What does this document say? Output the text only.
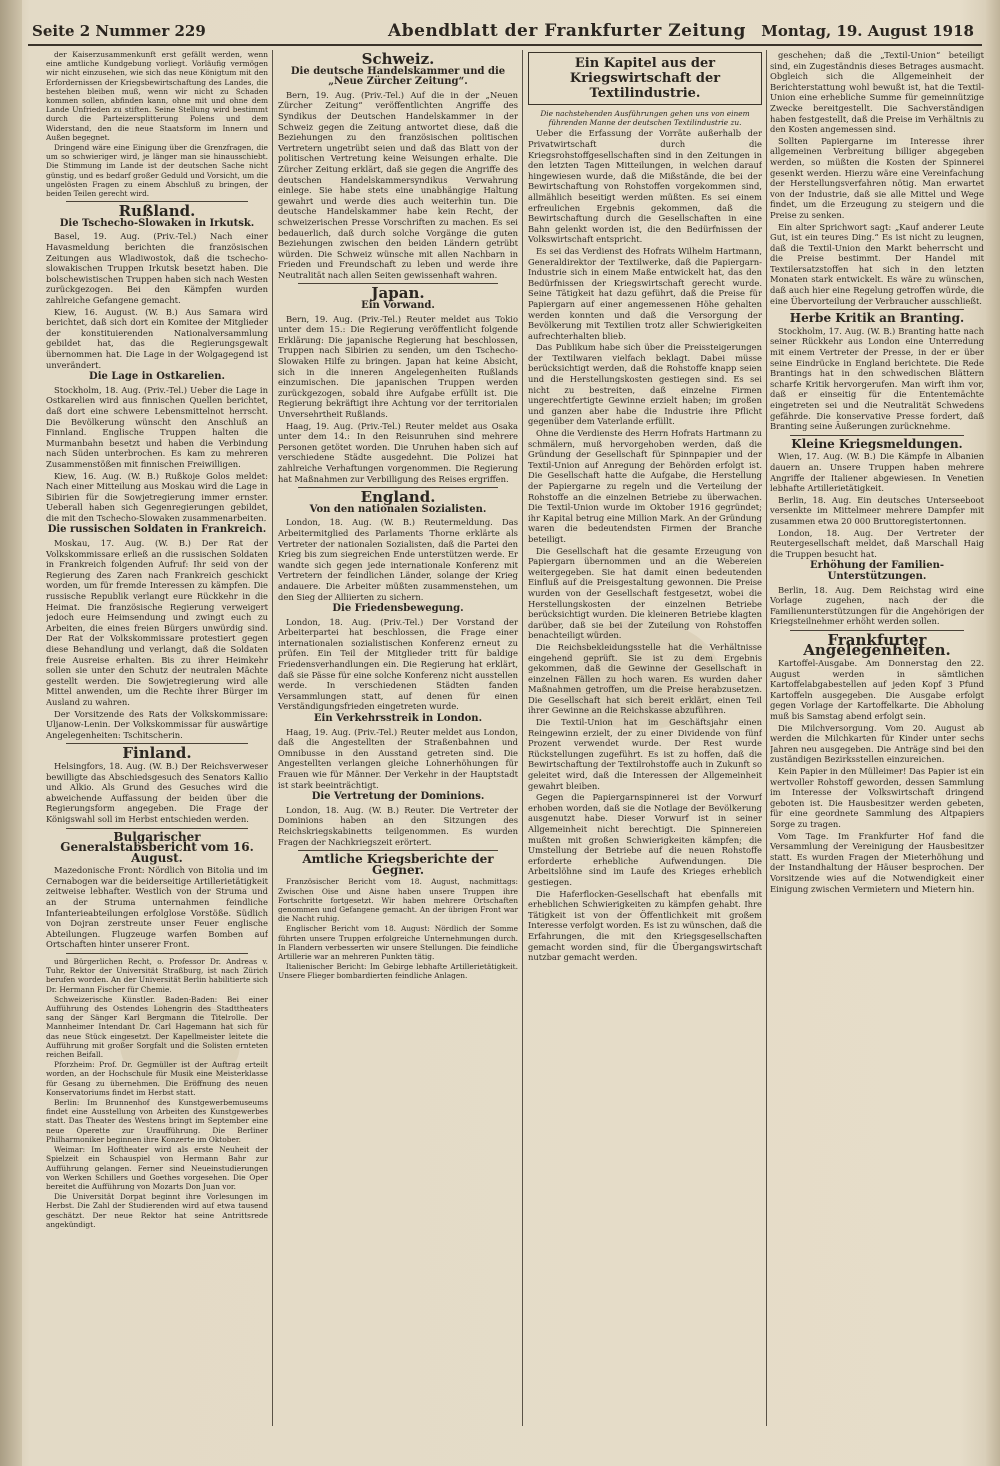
Seite 2 Nummer 229	Abendblatt der Frankfurter Zeitung Montag, 19. August 1918

der Kaiserzusammenkunft erst gefällt werden, wenn eine amtliche Kundgebung vorliegt. Vorläufig vermögen wir nicht einzusehen, wie sich das neue Königtum mit den Erfordernissen der Kriegsbewirtschaftung des Landes, die bestehen bleiben muß, wenn wir nicht zu Schaden kommen sollen, abfinden kann, ohne mit und ohne dem Lande Unfrieden zu stiften. Seine Stellung wird bestimmt durch die Parteizersplitterung Polens und dem Widerstand, den die neue Staatsform im Innern und Außen begegnet.

Dringend wäre eine Einigung über die Grenzfragen, die um so schwieriger wird, je länger man sie hinausschiebt. Die Stimmung im Lande ist der deutschen Sache nicht günstig, und es bedarf großer Geduld und Vorsicht, um die ungelösten Fragen zu einem Abschluß zu bringen, der beiden Teilen gerecht wird.

Rußland.
Die Tschecho-Slowaken in Irkutsk.

Basel, 19. Aug. (Priv.-Tel.) Nach einer Havasmeldung berichten die französischen Zeitungen aus Wladiwostok, daß die tschecho-slowakischen Truppen Irkutsk besetzt haben. Die bolschewistischen Truppen haben sich nach Westen zurückgezogen. Bei den Kämpfen wurden zahlreiche Gefangene gemacht.

Kiew, 16. August. (W. B.) Aus Samara wird berichtet, daß sich dort ein Komitee der Mitglieder der konstituierenden Nationalversammlung gebildet hat, das die Regierungsgewalt übernommen hat. Die Lage in der Wolgagegend ist unverändert.

Die Lage in Ostkarelien.

Stockholm, 18. Aug. (Priv.-Tel.) Ueber die Lage in Ostkarelien wird aus finnischen Quellen berichtet, daß dort eine schwere Lebensmittelnot herrscht. Die Bevölkerung wünscht den Anschluß an Finnland. Englische Truppen halten die Murmanbahn besetzt und haben die Verbindung nach Süden unterbrochen. Es kam zu mehreren Zusammenstößen mit finnischen Freiwilligen.

Kiew, 16. Aug. (W. B.) Rußkoje Golos meldet: Nach einer Mitteilung aus Moskau wird die Lage in Sibirien für die Sowjetregierung immer ernster. Ueberall haben sich Gegenregierungen gebildet, die mit den Tschecho-Slowaken zusammenarbeiten.

Die russischen Soldaten in Frankreich.

Moskau, 17. Aug. (W. B.) Der Rat der Volkskommissare erließ an die russischen Soldaten in Frankreich folgenden Aufruf: Ihr seid von der Regierung des Zaren nach Frankreich geschickt worden, um für fremde Interessen zu kämpfen. Die russische Republik verlangt eure Rückkehr in die Heimat. Die französische Regierung verweigert jedoch eure Heimsendung und zwingt euch zu Arbeiten, die eines freien Bürgers unwürdig sind. Der Rat der Volkskommissare protestiert gegen diese Behandlung und verlangt, daß die Soldaten freie Ausreise erhalten. Bis zu ihrer Heimkehr sollen sie unter den Schutz der neutralen Mächte gestellt werden. Die Sowjetregierung wird alle Mittel anwenden, um die Rechte ihrer Bürger im Ausland zu wahren.

Der Vorsitzende des Rats der Volkskommissare: Uljanow-Lenin. Der Volkskommissar für auswärtige Angelegenheiten: Tschitscherin.

Finland.

Helsingfors, 18. Aug. (W. B.) Der Reichsverweser bewilligte das Abschiedsgesuch des Senators Kallio und Alkio. Als Grund des Gesuches wird die abweichende Auffassung der beiden über die Regierungsform angegeben. Die Frage der Königswahl soll im Herbst entschieden werden.

Bulgarischer Generalstabsbericht vom 16. August.

Mazedonische Front: Nördlich von Bitolia und im Cernabogen war die beiderseitige Artillerietätigkeit zeitweise lebhafter. Westlich von der Struma und an der Struma unternahmen feindliche Infanterieabteilungen erfolglose Vorstöße. Südlich von Dojran zerstreute unser Feuer englische Abteilungen. Flugzeuge warfen Bomben auf Ortschaften hinter unserer Front.

und Bürgerlichen Recht, o. Professor Dr. Andreas v. Tuhr, Rektor der Universität Straßburg, ist nach Zürich berufen worden. An der Universität Berlin habilitierte sich Dr. Hermann Fischer für Chemie.

Schweizerische Künstler. Baden-Baden: Bei einer Aufführung des Ostendes Lohengrin des Stadttheaters sang der Sänger Karl Bergmann die Titelrolle. Der Mannheimer Intendant Dr. Carl Hagemann hat sich für das neue Stück eingesetzt. Der Kapellmeister leitete die Aufführung mit großer Sorgfalt und die Solisten ernteten reichen Beifall.

Pforzheim: Prof. Dr. Gegmüller ist der Auftrag erteilt worden, an der Hochschule für Musik eine Meisterklasse für Gesang zu übernehmen. Die Eröffnung des neuen Konservatoriums findet im Herbst statt.

Berlin: Im Brunnenhof des Kunstgewerbemuseums findet eine Ausstellung von Arbeiten des Kunstgewerbes statt. Das Theater des Westens bringt im September eine neue Operette zur Uraufführung. Die Berliner Philharmoniker beginnen ihre Konzerte im Oktober.

Weimar: Im Hoftheater wird als erste Neuheit der Spielzeit ein Schauspiel von Hermann Bahr zur Aufführung gelangen. Ferner sind Neueinstudierungen von Werken Schillers und Goethes vorgesehen. Die Oper bereitet die Aufführung von Mozarts Don Juan vor.

Die Universität Dorpat beginnt ihre Vorlesungen im Herbst. Die Zahl der Studierenden wird auf etwa tausend geschätzt. Der neue Rektor hat seine Antrittsrede angekündigt.

Schweiz.
Die deutsche Handelskammer und die „Neue Zürcher Zeitung“.

Bern, 19. Aug. (Priv.-Tel.) Auf die in der „Neuen Zürcher Zeitung“ veröffentlichten Angriffe des Syndikus der Deutschen Handelskammer in der Schweiz gegen die Zeitung antwortet diese, daß die Beziehungen zu den französischen politischen Vertretern ungetrübt seien und daß das Blatt von der politischen Vertretung keine Weisungen erhalte. Die Zürcher Zeitung erklärt, daß sie gegen die Angriffe des deutschen Handelskammersyndikus Verwahrung einlege. Sie habe stets eine unabhängige Haltung gewahrt und werde dies auch weiterhin tun. Die deutsche Handelskammer habe kein Recht, der schweizerischen Presse Vorschriften zu machen. Es sei bedauerlich, daß durch solche Vorgänge die guten Beziehungen zwischen den beiden Ländern getrübt würden. Die Schweiz wünsche mit allen Nachbarn in Frieden und Freundschaft zu leben und werde ihre Neutralität nach allen Seiten gewissenhaft wahren.

Japan.
Ein Vorwand.

Bern, 19. Aug. (Priv.-Tel.) Reuter meldet aus Tokio unter dem 15.: Die Regierung veröffentlicht folgende Erklärung: Die japanische Regierung hat beschlossen, Truppen nach Sibirien zu senden, um den Tschecho-Slowaken Hilfe zu bringen. Japan hat keine Absicht, sich in die inneren Angelegenheiten Rußlands einzumischen. Die japanischen Truppen werden zurückgezogen, sobald ihre Aufgabe erfüllt ist. Die Regierung bekräftigt ihre Achtung vor der territorialen Unversehrtheit Rußlands.

Haag, 19. Aug. (Priv.-Tel.) Reuter meldet aus Osaka unter dem 14.: In den Reisunruhen sind mehrere Personen getötet worden. Die Unruhen haben sich auf verschiedene Städte ausgedehnt. Die Polizei hat zahlreiche Verhaftungen vorgenommen. Die Regierung hat Maßnahmen zur Verbilligung des Reises ergriffen.

England.
Von den nationalen Sozialisten.

London, 18. Aug. (W. B.) Reutermeldung. Das Arbeitermitglied des Parlaments Thorne erklärte als Vertreter der nationalen Sozialisten, daß die Partei den Krieg bis zum siegreichen Ende unterstützen werde. Er wandte sich gegen jede internationale Konferenz mit Vertretern der feindlichen Länder, solange der Krieg andauere. Die Arbeiter müßten zusammenstehen, um den Sieg der Alliierten zu sichern.

Die Friedensbewegung.

London, 18. Aug. (Priv.-Tel.) Der Vorstand der Arbeiterpartei hat beschlossen, die Frage einer internationalen sozialistischen Konferenz erneut zu prüfen. Ein Teil der Mitglieder tritt für baldige Friedensverhandlungen ein. Die Regierung hat erklärt, daß sie Pässe für eine solche Konferenz nicht ausstellen werde. In verschiedenen Städten fanden Versammlungen statt, auf denen für einen Verständigungsfrieden eingetreten wurde.

Ein Verkehrsstreik in London.

Haag, 19. Aug. (Priv.-Tel.) Reuter meldet aus London, daß die Angestellten der Straßenbahnen und Omnibusse in den Ausstand getreten sind. Die Angestellten verlangen gleiche Lohnerhöhungen für Frauen wie für Männer. Der Verkehr in der Hauptstadt ist stark beeinträchtigt.

Die Vertretung der Dominions.

London, 18. Aug. (W. B.) Reuter. Die Vertreter der Dominions haben an den Sitzungen des Reichskriegskabinetts teilgenommen. Es wurden Fragen der Nachkriegszeit erörtert.

Amtliche Kriegsberichte der Gegner.

Französischer Bericht vom 18. August, nachmittags: Zwischen Oise und Aisne haben unsere Truppen ihre Fortschritte fortgesetzt. Wir haben mehrere Ortschaften genommen und Gefangene gemacht. An der übrigen Front war die Nacht ruhig.

Englischer Bericht vom 18. August: Nördlich der Somme führten unsere Truppen erfolgreiche Unternehmungen durch. In Flandern verbesserten wir unsere Stellungen. Die feindliche Artillerie war an mehreren Punkten tätig.

Italienischer Bericht: Im Gebirge lebhafte Artillerietätigkeit. Unsere Flieger bombardierten feindliche Anlagen.

Ein Kapitel aus der Kriegswirtschaft der Textilindustrie.

Die nachstehenden Ausführungen gehen uns von einem führenden Manne der deutschen Textilindustrie zu.

Ueber die Erfassung der Vorräte außerhalb der Privatwirtschaft durch die Kriegsrohstoffgesellschaften sind in den Zeitungen in den letzten Tagen Mitteilungen, in welchen darauf hingewiesen wurde, daß die Mißstände, die bei der Bewirtschaftung von Rohstoffen vorgekommen sind, allmählich beseitigt werden müßten. Es sei einem erfreulichen Ergebnis gekommen, daß die Bewirtschaftung durch die Gesellschaften in eine Bahn gelenkt worden ist, die den Bedürfnissen der Volkswirtschaft entspricht.

Es sei das Verdienst des Hofrats Wilhelm Hartmann, Generaldirektor der Textilwerke, daß die Papiergarn-Industrie sich in einem Maße entwickelt hat, das den Bedürfnissen der Kriegswirtschaft gerecht wurde. Seine Tätigkeit hat dazu geführt, daß die Preise für Papiergarn auf einer angemessenen Höhe gehalten werden konnten und daß die Versorgung der Bevölkerung mit Textilien trotz aller Schwierigkeiten aufrechterhalten blieb.

Das Publikum habe sich über die Preissteigerungen der Textilwaren vielfach beklagt. Dabei müsse berücksichtigt werden, daß die Rohstoffe knapp seien und die Herstellungskosten gestiegen sind. Es sei nicht zu bestreiten, daß einzelne Firmen ungerechtfertigte Gewinne erzielt haben; im großen und ganzen aber habe die Industrie ihre Pflicht gegenüber dem Vaterlande erfüllt.

Ohne die Verdienste des Herrn Hofrats Hartmann zu schmälern, muß hervorgehoben werden, daß die Gründung der Gesellschaft für Spinnpapier und der Textil-Union auf Anregung der Behörden erfolgt ist. Die Gesellschaft hatte die Aufgabe, die Herstellung der Papiergarne zu regeln und die Verteilung der Rohstoffe an die einzelnen Betriebe zu überwachen. Die Textil-Union wurde im Oktober 1916 gegründet; ihr Kapital betrug eine Million Mark. An der Gründung waren die bedeutendsten Firmen der Branche beteiligt.

Die Gesellschaft hat die gesamte Erzeugung von Papiergarn übernommen und an die Webereien weitergegeben. Sie hat damit einen bedeutenden Einfluß auf die Preisgestaltung gewonnen. Die Preise wurden von der Gesellschaft festgesetzt, wobei die Herstellungskosten der einzelnen Betriebe berücksichtigt wurden. Die kleineren Betriebe klagten darüber, daß sie bei der Zuteilung von Rohstoffen benachteiligt würden.

Die Reichsbekleidungsstelle hat die Verhältnisse eingehend geprüft. Sie ist zu dem Ergebnis gekommen, daß die Gewinne der Gesellschaft in einzelnen Fällen zu hoch waren. Es wurden daher Maßnahmen getroffen, um die Preise herabzusetzen. Die Gesellschaft hat sich bereit erklärt, einen Teil ihrer Gewinne an die Reichskasse abzuführen.

Die Textil-Union hat im Geschäftsjahr einen Reingewinn erzielt, der zu einer Dividende von fünf Prozent verwendet wurde. Der Rest wurde Rückstellungen zugeführt. Es ist zu hoffen, daß die Bewirtschaftung der Textilrohstoffe auch in Zukunft so geleitet wird, daß die Interessen der Allgemeinheit gewahrt bleiben.

Gegen die Papiergarnspinnerei ist der Vorwurf erhoben worden, daß sie die Notlage der Bevölkerung ausgenutzt habe. Dieser Vorwurf ist in seiner Allgemeinheit nicht berechtigt. Die Spinnereien mußten mit großen Schwierigkeiten kämpfen; die Umstellung der Betriebe auf die neuen Rohstoffe erforderte erhebliche Aufwendungen. Die Arbeitslöhne sind im Laufe des Krieges erheblich gestiegen.

Die Haferflocken-Gesellschaft hat ebenfalls mit erheblichen Schwierigkeiten zu kämpfen gehabt. Ihre Tätigkeit ist von der Öffentlichkeit mit großem Interesse verfolgt worden. Es ist zu wünschen, daß die Erfahrungen, die mit den Kriegsgesellschaften gemacht worden sind, für die Übergangswirtschaft nutzbar gemacht werden.

geschehen; daß die „Textil-Union“ beteiligt sind, ein Zugeständnis dieses Betrages ausmacht. Obgleich sich die Allgemeinheit der Berichterstattung wohl bewußt ist, hat die Textil-Union eine erhebliche Summe für gemeinnützige Zwecke bereitgestellt. Die Sachverständigen haben festgestellt, daß die Preise im Verhältnis zu den Kosten angemessen sind.

Sollten Papiergarne im Interesse ihrer allgemeinen Verbreitung billiger abgegeben werden, so müßten die Kosten der Spinnerei gesenkt werden. Hierzu wäre eine Vereinfachung der Herstellungsverfahren nötig. Man erwartet von der Industrie, daß sie alle Mittel und Wege findet, um die Erzeugung zu steigern und die Preise zu senken.

Ein alter Sprichwort sagt: „Kauf anderer Leute Gut, ist ein teures Ding.“ Es ist nicht zu leugnen, daß die Textil-Union den Markt beherrscht und die Preise bestimmt. Der Handel mit Textilersatzstoffen hat sich in den letzten Monaten stark entwickelt. Es wäre zu wünschen, daß auch hier eine Regelung getroffen würde, die eine Übervorteilung der Verbraucher ausschließt.

Herbe Kritik an Branting.

Stockholm, 17. Aug. (W. B.) Branting hatte nach seiner Rückkehr aus London eine Unterredung mit einem Vertreter der Presse, in der er über seine Eindrücke in England berichtete. Die Rede Brantings hat in den schwedischen Blättern scharfe Kritik hervorgerufen. Man wirft ihm vor, daß er einseitig für die Ententemächte eingetreten sei und die Neutralität Schwedens gefährde. Die konservative Presse fordert, daß Branting seine Äußerungen zurücknehme.

Kleine Kriegsmeldungen.

Wien, 17. Aug. (W. B.) Die Kämpfe in Albanien dauern an. Unsere Truppen haben mehrere Angriffe der Italiener abgewiesen. In Venetien lebhafte Artillerietätigkeit.

Berlin, 18. Aug. Ein deutsches Unterseeboot versenkte im Mittelmeer mehrere Dampfer mit zusammen etwa 20 000 Bruttoregistertonnen.

London, 18. Aug. Der Vertreter der Reutergesellschaft meldet, daß Marschall Haig die Truppen besucht hat.

Erhöhung der Familien-Unterstützungen.

Berlin, 18. Aug. Dem Reichstag wird eine Vorlage zugehen, nach der die Familienunterstützungen für die Angehörigen der Kriegsteilnehmer erhöht werden sollen.

Frankfurter Angelegenheiten.

Kartoffel-Ausgabe. Am Donnerstag den 22. August werden in sämtlichen Kartoffelabgabestellen auf jeden Kopf 3 Pfund Kartoffeln ausgegeben. Die Ausgabe erfolgt gegen Vorlage der Kartoffelkarte. Die Abholung muß bis Samstag abend erfolgt sein.

Die Milchversorgung. Vom 20. August ab werden die Milchkarten für Kinder unter sechs Jahren neu ausgegeben. Die Anträge sind bei den zuständigen Bezirksstellen einzureichen.

Kein Papier in den Mülleimer! Das Papier ist ein wertvoller Rohstoff geworden, dessen Sammlung im Interesse der Volkswirtschaft dringend geboten ist. Die Hausbesitzer werden gebeten, für eine geordnete Sammlung des Altpapiers Sorge zu tragen.

Vom Tage. Im Frankfurter Hof fand die Versammlung der Vereinigung der Hausbesitzer statt. Es wurden Fragen der Mieterhöhung und der Instandhaltung der Häuser besprochen. Der Vorsitzende wies auf die Notwendigkeit einer Einigung zwischen Vermietern und Mietern hin.
